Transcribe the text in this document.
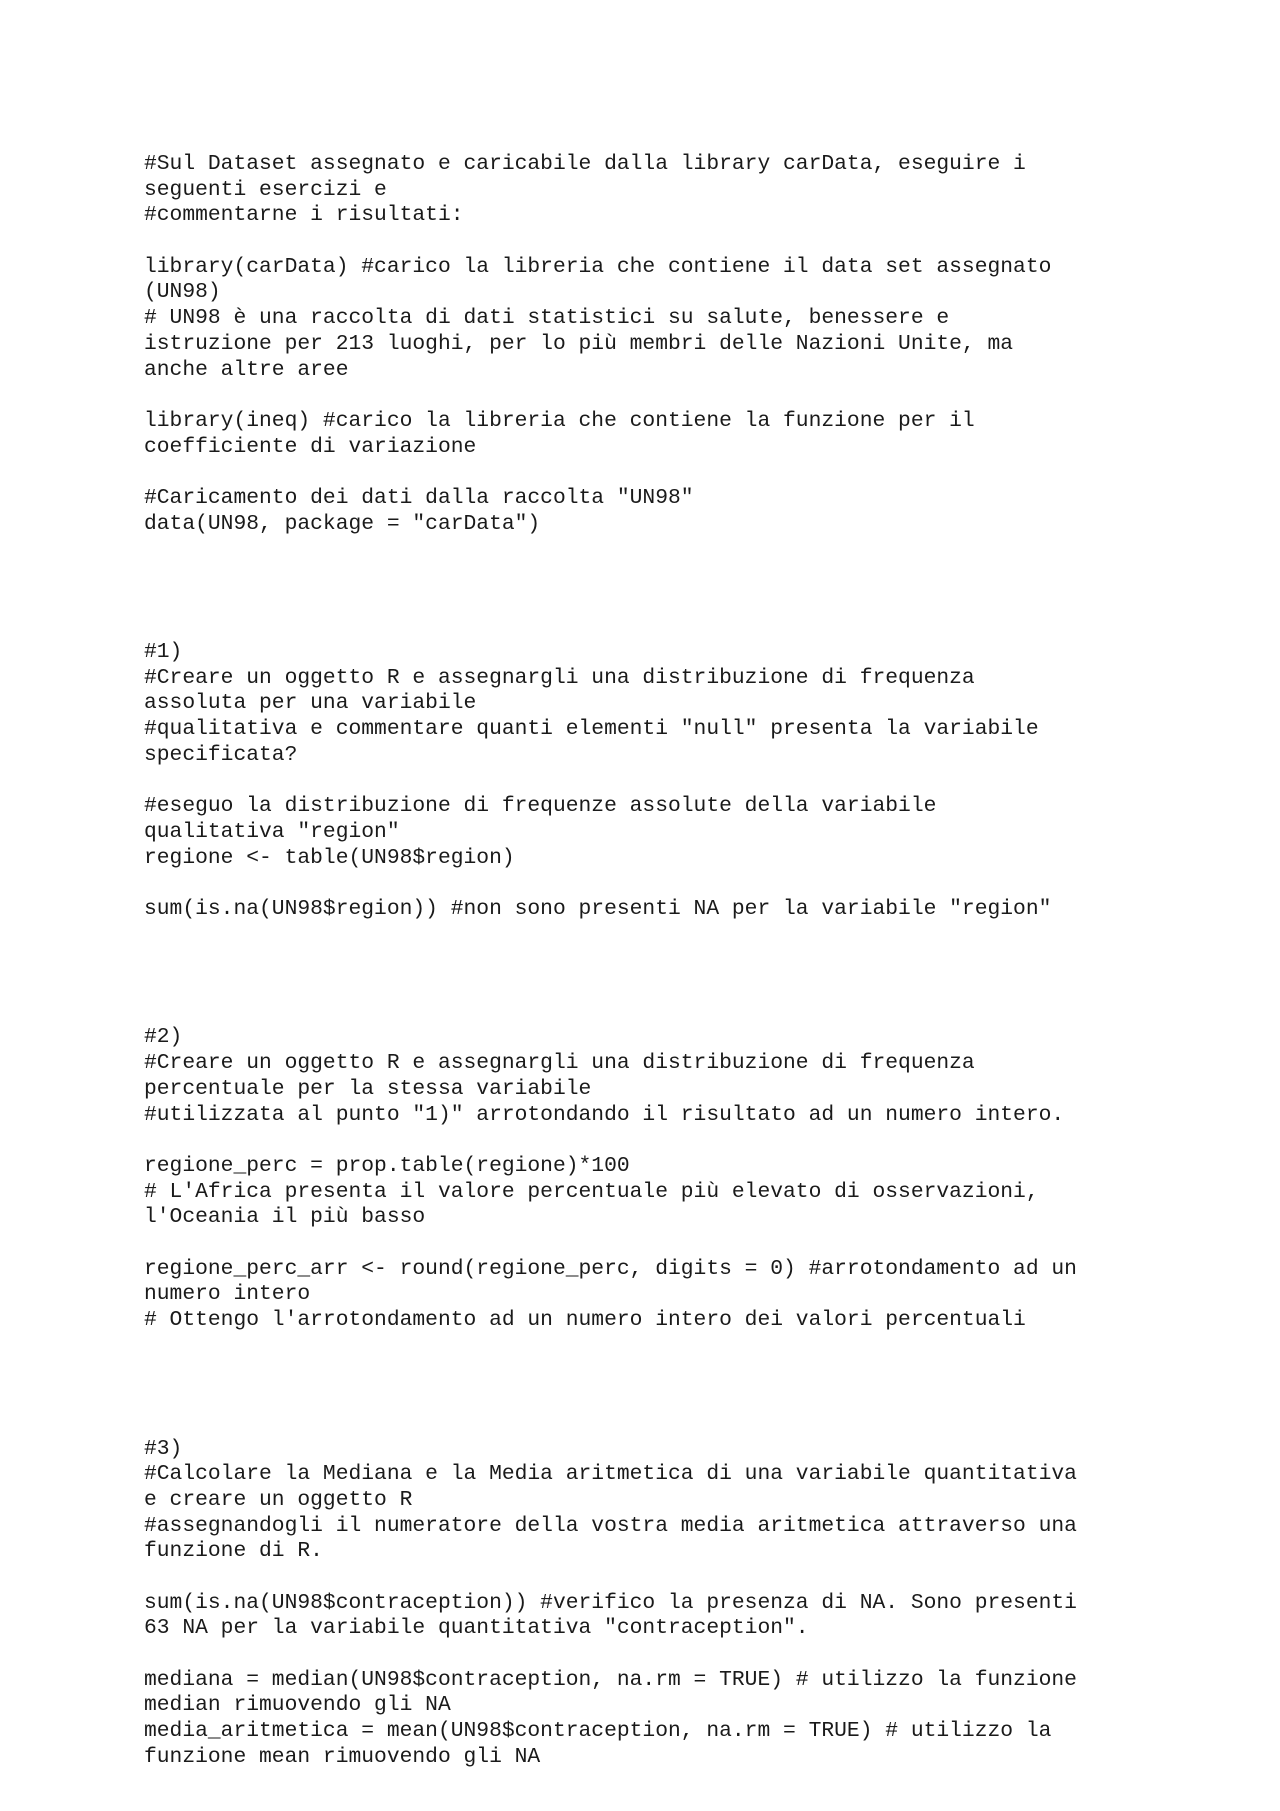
#Sul Dataset assegnato e caricabile dalla library carData, eseguire i
seguenti esercizi e
#commentarne i risultati:
library(carData) #carico la libreria che contiene il data set assegnato
(UN98)
# UN98 è una raccolta di dati statistici su salute, benessere e
istruzione per 213 luoghi, per lo più membri delle Nazioni Unite, ma
anche altre aree
library(ineq) #carico la libreria che contiene la funzione per il
coefficiente di variazione
#Caricamento dei dati dalla raccolta "UN98"
data(UN98, package = "carData")
#1)
#Creare un oggetto R e assegnargli una distribuzione di frequenza
assoluta per una variabile
#qualitativa e commentare quanti elementi "null" presenta la variabile
specificata?
#eseguo la distribuzione di frequenze assolute della variabile
qualitativa "region"
regione <- table(UN98$region)
sum(is.na(UN98$region)) #non sono presenti NA per la variabile "region"
#2)
#Creare un oggetto R e assegnargli una distribuzione di frequenza
percentuale per la stessa variabile
#utilizzata al punto "1)" arrotondando il risultato ad un numero intero.
regione_perc = prop.table(regione)*100
# L'Africa presenta il valore percentuale più elevato di osservazioni,
l'Oceania il più basso
regione_perc_arr <- round(regione_perc, digits = 0) #arrotondamento ad un
numero intero
# Ottengo l'arrotondamento ad un numero intero dei valori percentuali
#3)
#Calcolare la Mediana e la Media aritmetica di una variabile quantitativa
e creare un oggetto R
#assegnandogli il numeratore della vostra media aritmetica attraverso una
funzione di R.
sum(is.na(UN98$contraception)) #verifico la presenza di NA. Sono presenti
63 NA per la variabile quantitativa "contraception".
mediana = median(UN98$contraception, na.rm = TRUE) # utilizzo la funzione
median rimuovendo gli NA
media_aritmetica = mean(UN98$contraception, na.rm = TRUE) # utilizzo la
funzione mean rimuovendo gli NA
